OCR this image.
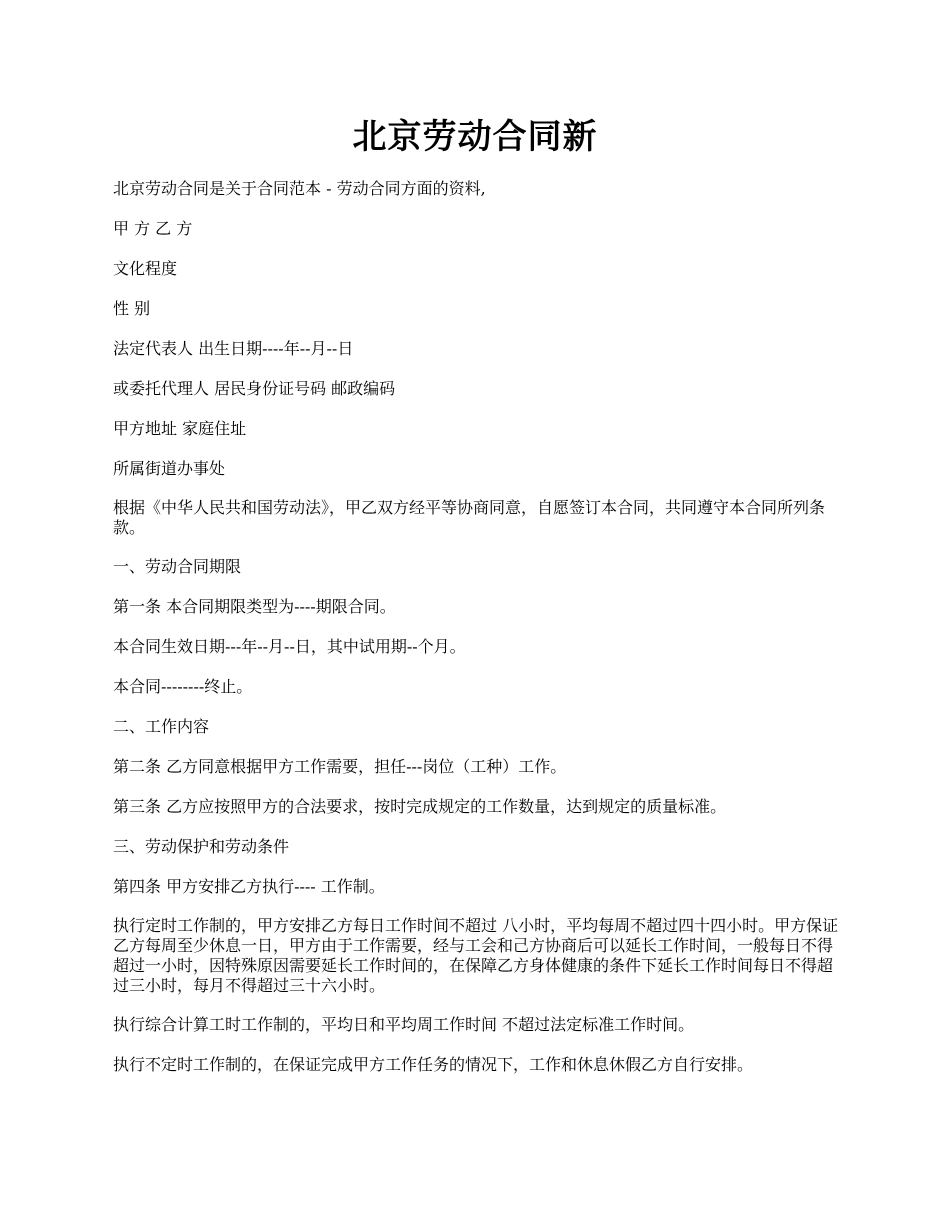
北京劳动合同新

北京劳动合同是关于合同范本 - 劳动合同方面的资料,

甲 方 乙 方

文化程度

性 别

法定代表人 出生日期----年--月--日

或委托代理人 居民身份证号码 邮政编码

甲方地址 家庭住址

所属街道办事处

根据《中华人民共和国劳动法》，甲乙双方经平等协商同意，自愿签订本合同，共同遵守本合同所列条款。

一、劳动合同期限

第一条 本合同期限类型为----期限合同。

本合同生效日期---年--月--日，其中试用期--个月。

本合同--------终止。

二、工作内容

第二条 乙方同意根据甲方工作需要，担任---岗位（工种）工作。

第三条 乙方应按照甲方的合法要求，按时完成规定的工作数量，达到规定的质量标准。

三、劳动保护和劳动条件

第四条 甲方安排乙方执行---- 工作制。

执行定时工作制的，甲方安排乙方每日工作时间不超过 八小时，平均每周不超过四十四小时。甲方保证乙方每周至少休息一日，甲方由于工作需要，经与工会和己方协商后可以延长工作时间，一般每日不得超过一小时，因特殊原因需要延长工作时间的，在保障乙方身体健康的条件下延长工作时间每日不得超过三小时，每月不得超过三十六小时。

执行综合计算工时工作制的，平均日和平均周工作时间 不超过法定标准工作时间。

执行不定时工作制的，在保证完成甲方工作任务的情况下，工作和休息休假乙方自行安排。
